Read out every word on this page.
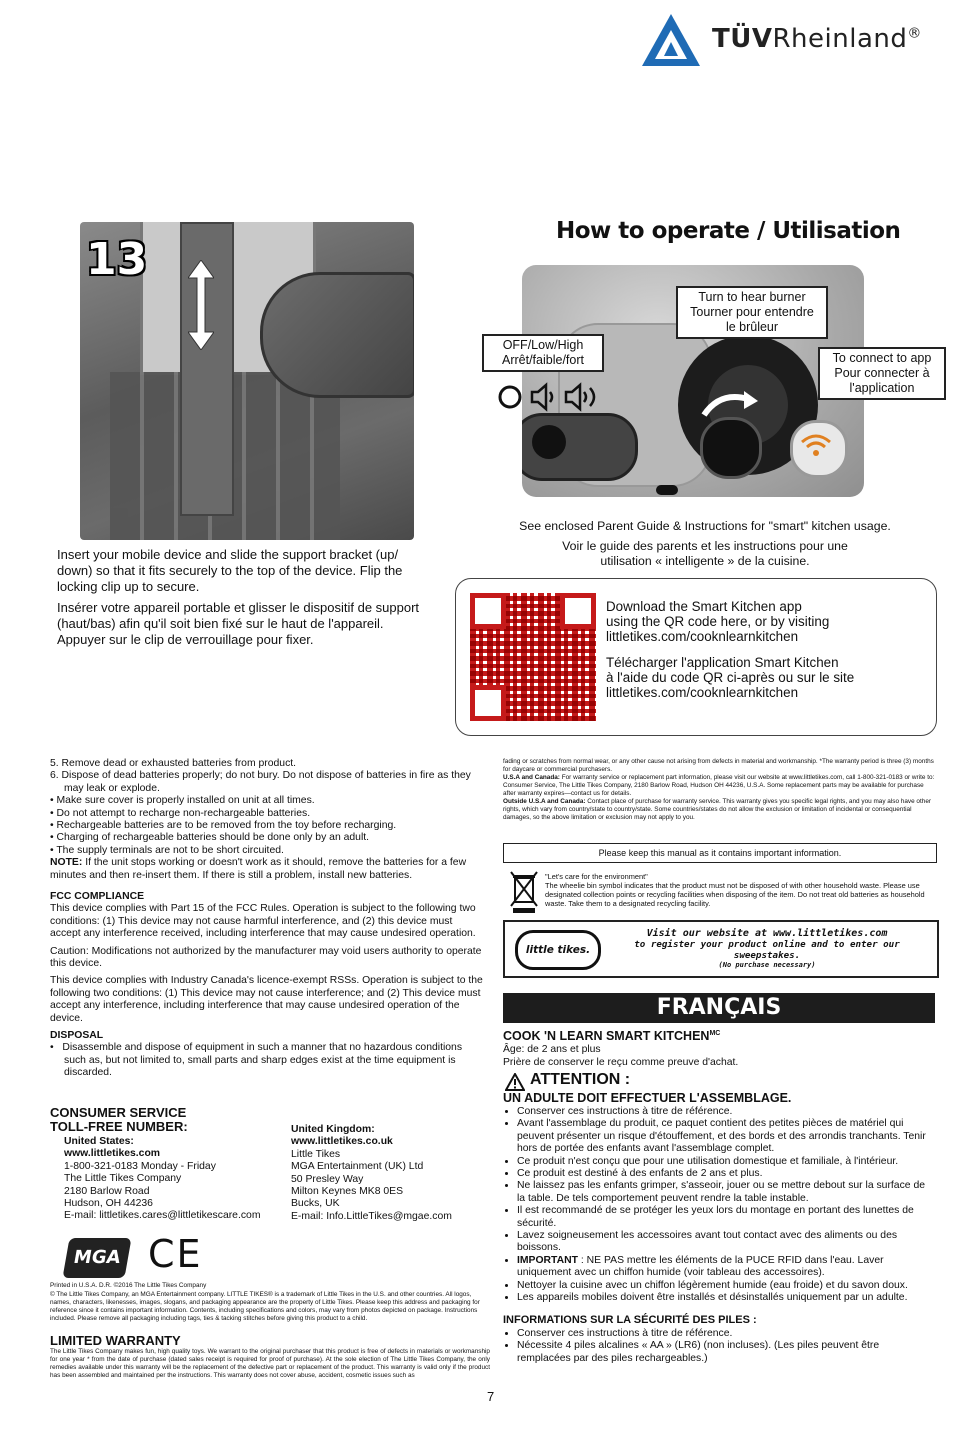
TÜVRheinland®
13
Insert your mobile device and slide the support bracket (up/ down) so that it fits securely to the top of the device. Flip the locking clip up to secure.
Insérer votre appareil portable et glisser le dispositif de support (haut/bas) afin qu'il soit bien fixé sur le haut de l'appareil. Appuyer sur le clip de verrouillage pour fixer.
How to operate / Utilisation
OFF/Low/High
Arrêt/faible/fort
Turn to hear burner
Tourner pour entendre
le brûleur
To connect to app
Pour connecter à
l'application
See enclosed Parent Guide & Instructions for "smart" kitchen usage.
Voir le guide des parents et les instructions pour une
utilisation « intelligente » de la cuisine.
Download the Smart Kitchen app
using the QR code here, or by visiting
littletikes.com/cooknlearnkitchen
Télécharger l'application Smart Kitchen
à l'aide du code QR ci-après ou sur le site
littletikes.com/cooknlearnkitchen
5. Remove dead or exhausted batteries from product.
6. Dispose of dead batteries properly; do not bury. Do not dispose of batteries in fire as they may leak or explode.
• Make sure cover is properly installed on unit at all times.
• Do not attempt to recharge non-rechargeable batteries.
• Rechargeable batteries are to be removed from the toy before recharging.
• Charging of rechargeable batteries should be done only by an adult.
• The supply terminals are not to be short circuited.
NOTE: If the unit stops working or doesn't work as it should, remove the batteries for a few minutes and then re-insert them. If there is still a problem, install new batteries.
FCC COMPLIANCE
This device complies with Part 15 of the FCC Rules. Operation is subject to the following two conditions: (1) This device may not cause harmful interference, and (2) this device must accept any interference received, including interference that may cause undesired operation.
Caution: Modifications not authorized by the manufacturer may void users authority to operate this device.
This device complies with Industry Canada's licence-exempt RSSs. Operation is subject to the following two conditions: (1) This device may not cause interference; and (2) This device must accept any interference, including interference that may cause undesired operation of the device.
DISPOSAL
•   Disassemble and dispose of equipment in such a manner that no hazardous conditions such as, but not limited to, small parts and sharp edges exist at the time equipment is discarded.
CONSUMER SERVICE
TOLL-FREE NUMBER:
United States:
www.littletikes.com
1-800-321-0183 Monday - Friday
The Little Tikes Company
2180 Barlow Road
Hudson, OH 44236
E-mail: littletikes.cares@littletikescare.com
United Kingdom:
www.littletikes.co.uk
Little Tikes
MGA Entertainment (UK) Ltd
50 Presley Way
Milton Keynes MK8 0ES
Bucks, UK
E-mail: Info.LittleTikes@mgae.com
MGA CE
Printed in U.S.A. D.R. ©2016 The Little Tikes Company
© The Little Tikes Company, an MGA Entertainment company. LITTLE TIKES® is a trademark of Little Tikes in the U.S. and other countries. All logos, names, characters, likenesses, images, slogans, and packaging appearance are the property of Little Tikes. Please keep this address and packaging for reference since it contains important information. Contents, including specifications and colors, may vary from photos depicted on package. Instructions included. Please remove all packaging including tags, ties & tacking stitches before giving this product to a child.
LIMITED WARRANTY
The Little Tikes Company makes fun, high quality toys. We warrant to the original purchaser that this product is free of defects in materials or workmanship for one year * from the date of purchase (dated sales receipt is required for proof of purchase). At the sole election of The Little Tikes Company, the only remedies available under this warranty will be the replacement of the defective part or replacement of the product. This warranty is valid only if the product has been assembled and maintained per the instructions. This warranty does not cover abuse, accident, cosmetic issues such as
fading or scratches from normal wear, or any other cause not arising from defects in material and workmanship. *The warranty period is three (3) months for daycare or commercial purchasers.
U.S.A and Canada: For warranty service or replacement part information, please visit our website at www.littletikes.com, call 1-800-321-0183 or write to: Consumer Service, The Little Tikes Company, 2180 Barlow Road, Hudson OH 44236, U.S.A. Some replacement parts may be available for purchase after warranty expires—contact us for details.
Outside U.S.A and Canada: Contact place of purchase for warranty service. This warranty gives you specific legal rights, and you may also have other rights, which vary from country/state to country/state. Some countries/states do not allow the exclusion or limitation of incidental or consequential damages, so the above limitation or exclusion may not apply to you.
Please keep this manual as it contains important information.
"Let's care for the environment"
The wheelie bin symbol indicates that the product must not be disposed of with other household waste. Please use designated collection points or recycling facilities when disposing of the item. Do not treat old batteries as household waste. Take them to a designated recycling facility.
little tikes.
Visit our website at www.littletikes.com
to register your product online and to enter our sweepstakes.
(No purchase necessary)
FRANÇAIS
COOK 'N LEARN SMART $KITCHEN^{MC}$
Âge: de 2 ans et plus
Prière de conserver le reçu comme preuve d'achat.
ATTENTION :
UN ADULTE DOIT EFFECTUER L'ASSEMBLAGE.
• Conserver ces instructions à titre de référence.
• Avant l'assemblage du produit, ce paquet contient des petites pièces de matériel qui peuvent présenter un risque d'étouffement, et des bords et des arrondis tranchants. Tenir hors de portée des enfants avant l'assemblage complet.
• Ce produit n'est conçu que pour une utilisation domestique et familiale, à l'intérieur.
• Ce produit est destiné à des enfants de 2 ans et plus.
• Ne laissez pas les enfants grimper, s'asseoir, jouer ou se mettre debout sur la surface de la table. De tels comportement peuvent rendre la table instable.
• Il est recommandé de se protéger les yeux lors du montage en portant des lunettes de sécurité.
• Lavez soigneusement les accessoires avant tout contact avec des aliments ou des boissons.
• IMPORTANT : NE PAS mettre les éléments de la PUCE RFID dans l'eau. Laver uniquement avec un chiffon humide (voir tableau des accessoires).
• Nettoyer la cuisine avec un chiffon légèrement humide (eau froide) et du savon doux.
• Les appareils mobiles doivent être installés et désinstallés uniquement par un adulte.
INFORMATIONS SUR LA SÉCURITÉ DES PILES :
• Conserver ces instructions à titre de référence.
• Nécessite 4 piles alcalines « AA » (LR6) (non incluses). (Les piles peuvent être remplacées par des piles rechargeables.)
7
